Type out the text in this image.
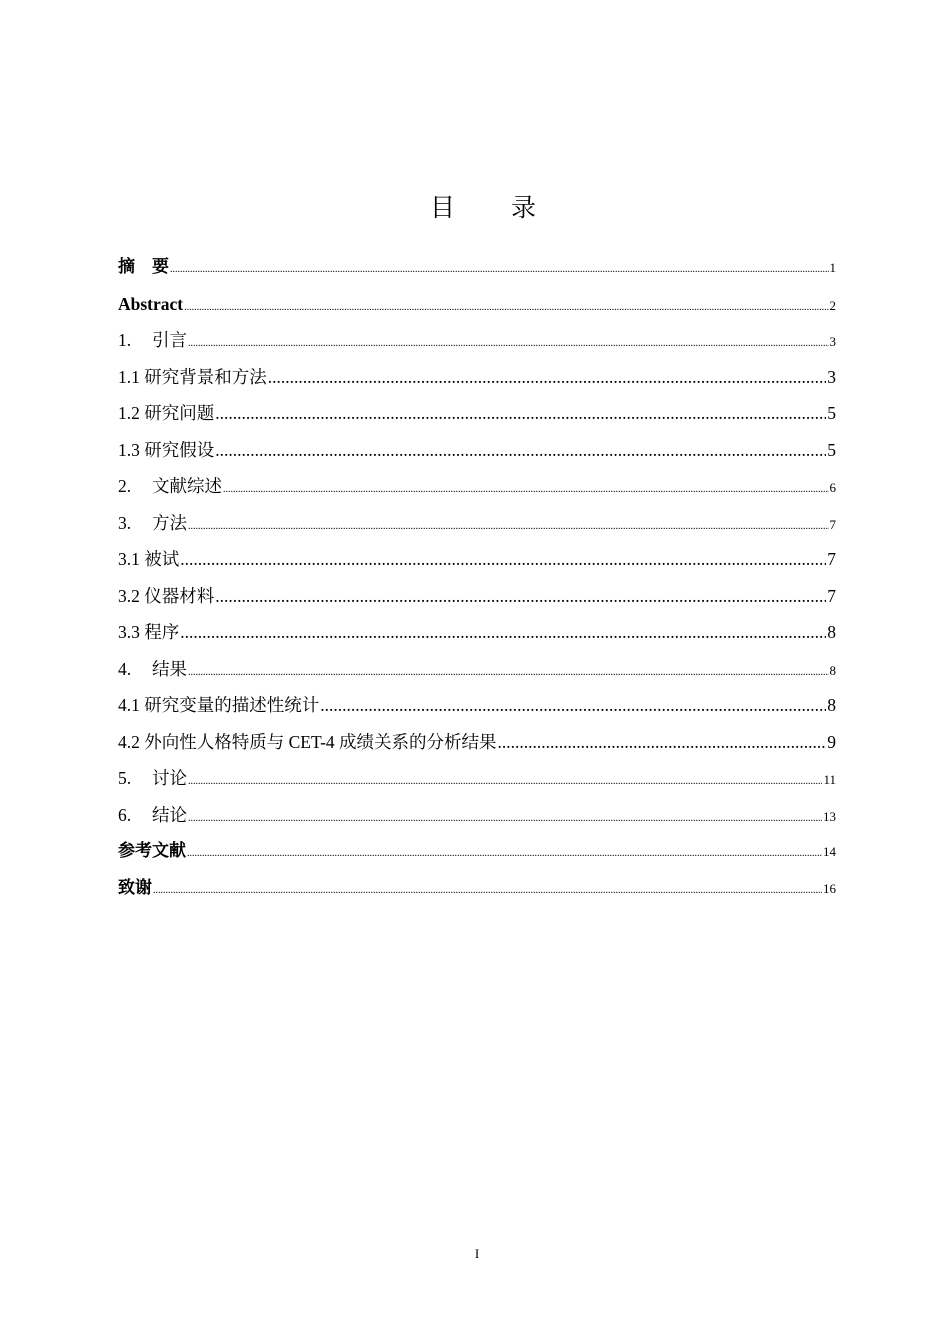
目 录
摘　要 .....	1
Abstract .....	2
1. 引言 .....	3
1.1 研究背景和方法 .....	3
1.2 研究问题 .....	5
1.3 研究假设 .....	5
2. 文献综述 .....	6
3. 方法 .....	7
3.1 被试 .....	7
3.2 仪器材料 .....	7
3.3 程序 .....	8
4. 结果 .....	8
4.1 研究变量的描述性统计 .....	8
4.2 外向性人格特质与 CET-4 成绩关系的分析结果 .....	9
5. 讨论 .....	11
6. 结论 .....	13
参考文献 .....	14
致谢 .....	16
I
